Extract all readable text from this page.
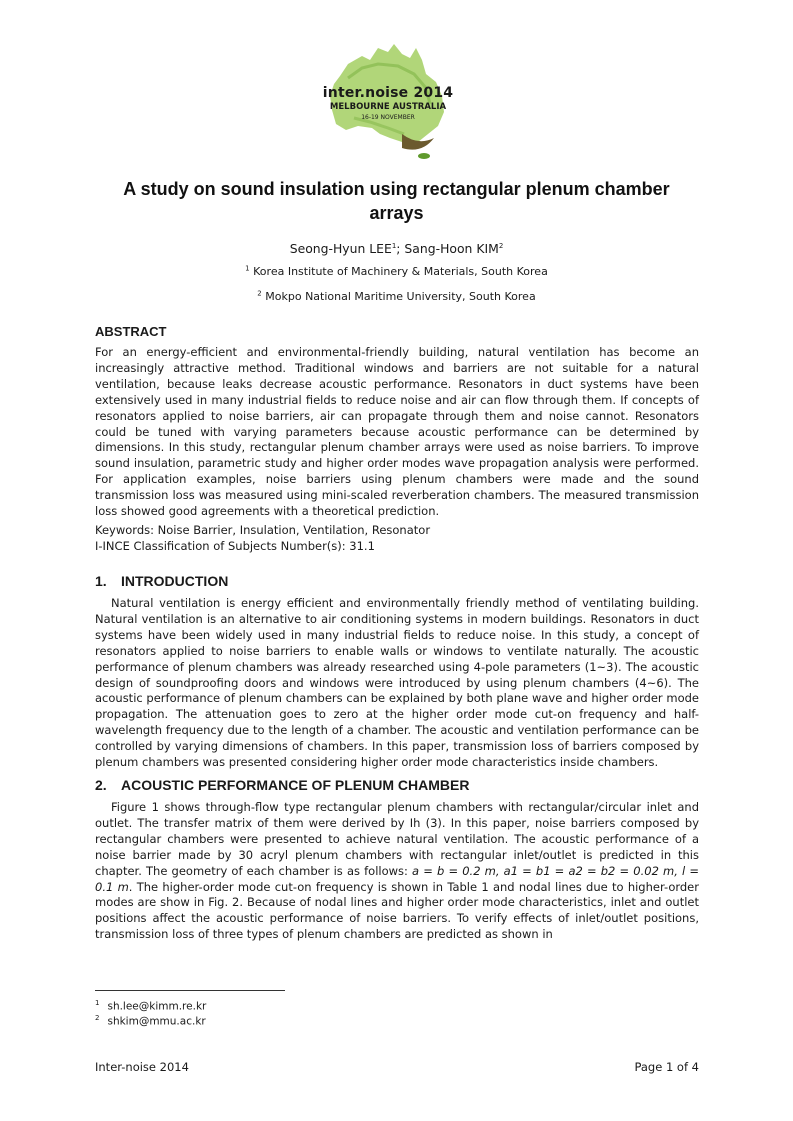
inter.noise 2014
MELBOURNE AUSTRALIA
16-19 NOVEMBER
A study on sound insulation using rectangular plenum chamber arrays
Seong-Hyun LEE$^1$; Sang-Hoon KIM$^2$
$^1$ Korea Institute of Machinery & Materials, South Korea
$^2$ Mokpo National Maritime University, South Korea
ABSTRACT

For an energy-efficient and environmental-friendly building, natural ventilation has become an increasingly attractive method. Traditional windows and barriers are not suitable for a natural ventilation, because leaks decrease acoustic performance. Resonators in duct systems have been extensively used in many industrial fields to reduce noise and air can flow through them. If concepts of resonators applied to noise barriers, air can propagate through them and noise cannot. Resonators could be tuned with varying parameters because acoustic performance can be determined by dimensions. In this study, rectangular plenum chamber arrays were used as noise barriers. To improve sound insulation, parametric study and higher order modes wave propagation analysis were performed. For application examples, noise barriers using plenum chambers were made and the sound transmission loss was measured using mini-scaled reverberation chambers. The measured transmission loss showed good agreements with a theoretical prediction.

Keywords: Noise Barrier, Insulation, Ventilation, Resonator
I-INCE Classification of Subjects Number(s): 31.1
1. INTRODUCTION

Natural ventilation is energy efficient and environmentally friendly method of ventilating building. Natural ventilation is an alternative to air conditioning systems in modern buildings. Resonators in duct systems have been widely used in many industrial fields to reduce noise. In this study, a concept of resonators applied to noise barriers to enable walls or windows to ventilate naturally. The acoustic performance of plenum chambers was already researched using 4-pole parameters (1~3). The acoustic design of soundproofing doors and windows were introduced by using plenum chambers (4~6). The acoustic performance of plenum chambers can be explained by both plane wave and higher order mode propagation. The attenuation goes to zero at the higher order mode cut-on frequency and half-wavelength frequency due to the length of a chamber. The acoustic and ventilation performance can be controlled by varying dimensions of chambers. In this paper, transmission loss of barriers composed by plenum chambers was presented considering higher order mode characteristics inside chambers.

2. ACOUSTIC PERFORMANCE OF PLENUM CHAMBER

Figure 1 shows through-flow type rectangular plenum chambers with rectangular/circular inlet and outlet. The transfer matrix of them were derived by Ih (3). In this paper, noise barriers composed by rectangular chambers were presented to achieve natural ventilation. The acoustic performance of a noise barrier made by 30 acryl plenum chambers with rectangular inlet/outlet is predicted in this chapter. The geometry of each chamber is as follows: a = b = 0.2 m, a1 = b1 = a2 = b2 = 0.02 m, l = 0.1 m. The higher-order mode cut-on frequency is shown in Table 1 and nodal lines due to higher-order modes are show in Fig. 2. Because of nodal lines and higher order mode characteristics, inlet and outlet positions affect the acoustic performance of noise barriers. To verify effects of inlet/outlet positions, transmission loss of three types of plenum chambers are predicted as shown in

$^1$ sh.lee@kimm.re.kr
$^2$ shkim@mmu.ac.kr
Inter-noise 2014	Page 1 of 4
